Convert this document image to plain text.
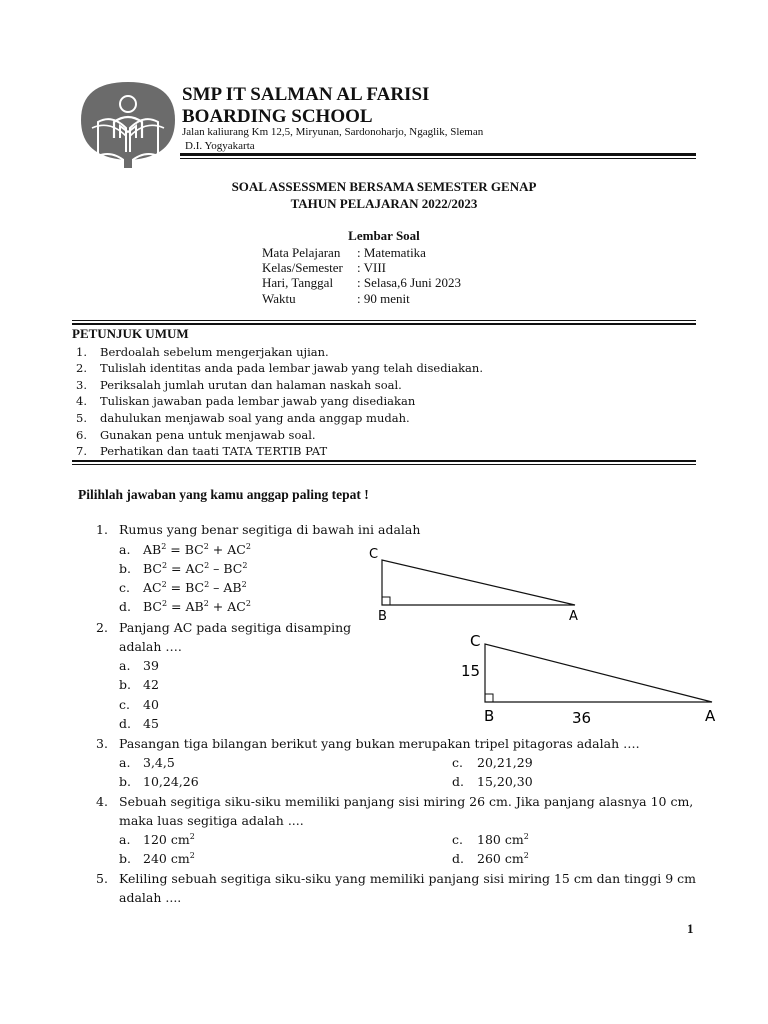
SMP IT SALMAN AL FARISI
BOARDING SCHOOL
Jalan kaliurang Km 12,5, Miryunan, Sardonoharjo, Ngaglik, Sleman
D.I. Yogyakarta
SOAL ASSESSMEN BERSAMA SEMESTER GENAP
TAHUN PELAJARAN 2022/2023
Lembar Soal
Mata Pelajaran : Matematika
Kelas/Semester : VIII
Hari, Tanggal : Selasa,6 Juni 2023
Waktu	: 90 menit
PETUNJUK UMUM
1. Berdoalah sebelum mengerjakan ujian.
2. Tulislah identitas anda pada lembar jawab yang telah disediakan.
3. Periksalah jumlah urutan dan halaman naskah soal.
4. Tuliskan jawaban pada lembar jawab yang disediakan
5. dahulukan menjawab soal yang anda anggap mudah.
6. Gunakan pena untuk menjawab soal.
7. Perhatikan dan taati TATA TERTIB PAT
Pilihlah jawaban yang kamu anggap paling tepat !
1. Rumus yang benar segitiga di bawah ini adalah
a. $AB^2 = BC^2 + AC^2$
b. $BC^2 = AC^2 - BC^2$
c. $AC^2 = BC^2 - AB^2$
d. $BC^2 = AB^2 + AC^2$
C
B	A
2. Panjang AC pada segitiga disamping
adalah ….
a. 39
b. 42
c. 40
d. 45
C
15
B	36	A
3. Pasangan tiga bilangan berikut yang bukan merupakan tripel pitagoras adalah ….
a. 3,4,5
b. 10,24,26
c. 20,21,29
d. 15,20,30
4. Sebuah segitiga siku-siku memiliki panjang sisi miring 26 cm. Jika panjang alasnya 10 cm,
maka luas segitiga adalah ....
a. 120 $cm^2$
b. 240 $cm^2$
c. 180 $cm^2$
d. 260 $cm^2$
5. Keliling sebuah segitiga siku-siku yang memiliki panjang sisi miring 15 cm dan tinggi 9 cm
adalah ....
1
